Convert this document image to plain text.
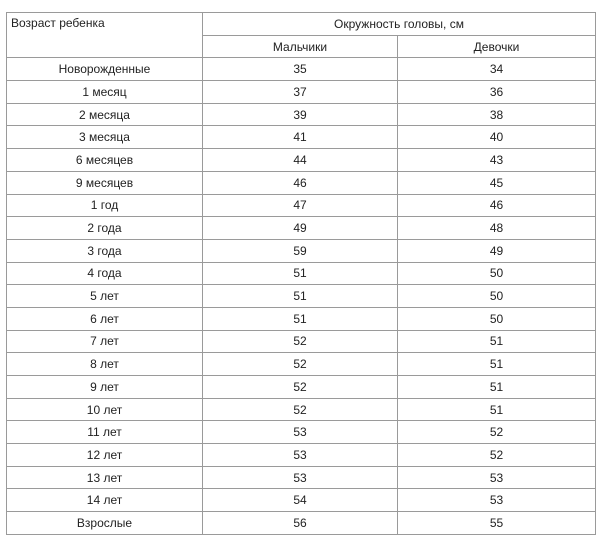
Возраст ребенка	Окружность головы, см	
	Мальчики	Девочки
Новорожденные	35	34
1 месяц	37	36
2 месяца	39	38
3 месяца	41	40
6 месяцев	44	43
9 месяцев	46	45
1 год	47	46
2 года	49	48
3 года	59	49
4 года	51	50
5 лет	51	50
6 лет	51	50
7 лет	52	51
8 лет	52	51
9 лет	52	51
10 лет	52	51
11 лет	53	52
12 лет	53	52
13 лет	53	53
14 лет	54	53
Взрослые	56	55
